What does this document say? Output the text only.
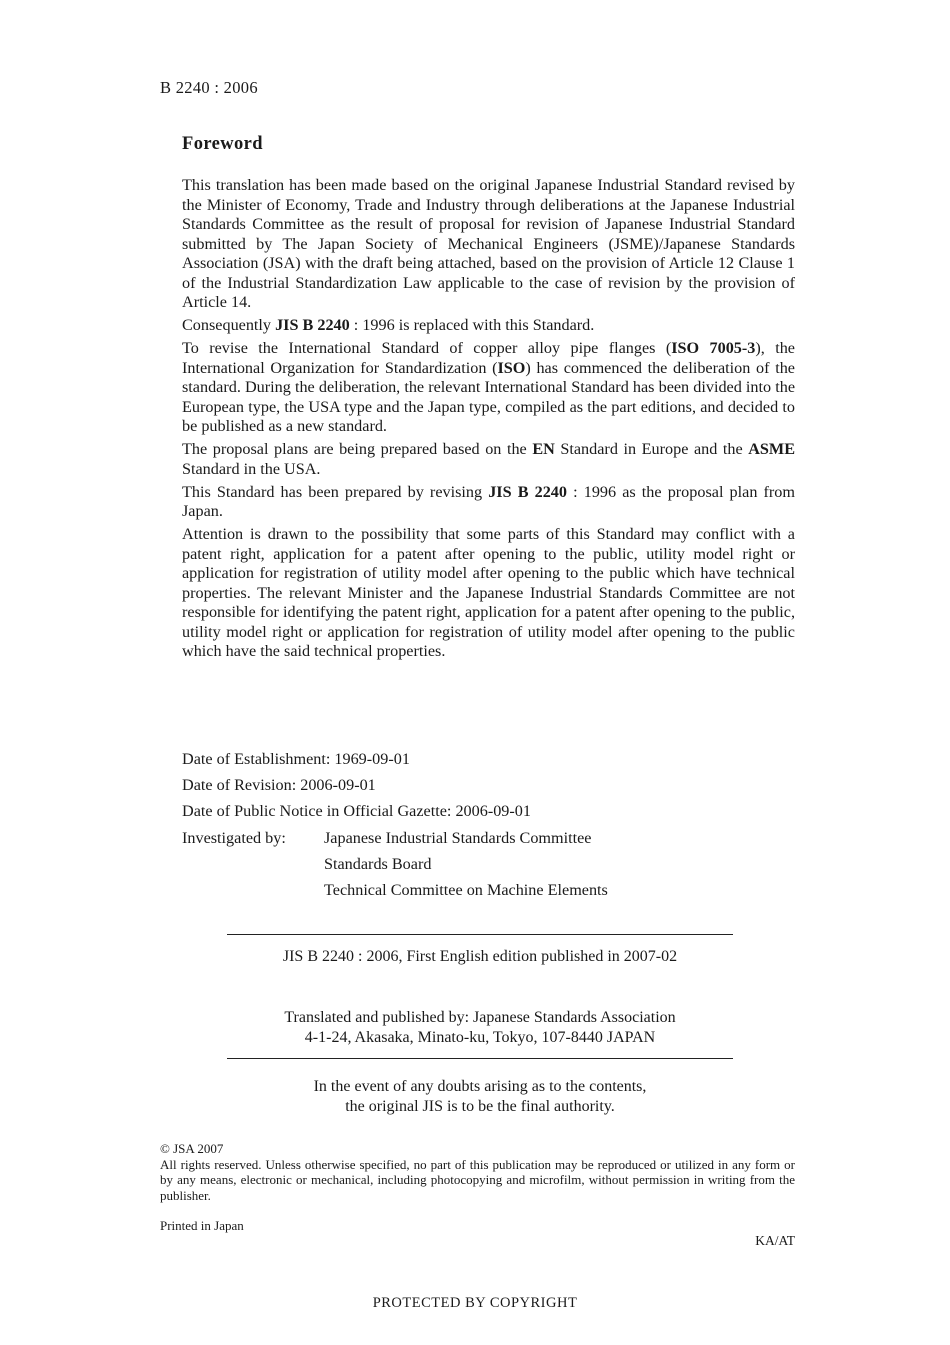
B 2240 : 2006
Foreword

This translation has been made based on the original Japanese Industrial Standard revised by the Minister of Economy, Trade and Industry through deliberations at the Japanese Industrial Standards Committee as the result of proposal for revision of Japanese Industrial Standard submitted by The Japan Society of Mechanical Engineers (JSME)/Japanese Standards Association (JSA) with the draft being attached, based on the provision of Article 12 Clause 1 of the Industrial Standardization Law applicable to the case of revision by the provision of Article 14.

Consequently JIS B 2240 : 1996 is replaced with this Standard.

To revise the International Standard of copper alloy pipe flanges (ISO 7005-3), the International Organization for Standardization (ISO) has commenced the deliberation of the standard. During the deliberation, the relevant International Standard has been divided into the European type, the USA type and the Japan type, compiled as the part editions, and decided to be published as a new standard.

The proposal plans are being prepared based on the EN Standard in Europe and the ASME Standard in the USA.

This Standard has been prepared by revising JIS B 2240 : 1996 as the proposal plan from Japan.

Attention is drawn to the possibility that some parts of this Standard may conflict with a patent right, application for a patent after opening to the public, utility model right or application for registration of utility model after opening to the public which have technical properties. The relevant Minister and the Japanese Industrial Standards Committee are not responsible for identifying the patent right, application for a patent after opening to the public, utility model right or application for registration of utility model after opening to the public which have the said technical properties.

Date of Establishment: 1969-09-01
Date of Revision: 2006-09-01
Date of Public Notice in Official Gazette: 2006-09-01
Investigated by:	Japanese Industrial Standards Committee
Standards Board
Technical Committee on Machine Elements
JIS B 2240 : 2006, First English edition published in 2007-02
Translated and published by: Japanese Standards Association
4-1-24, Akasaka, Minato-ku, Tokyo, 107-8440 JAPAN
In the event of any doubts arising as to the contents,
the original JIS is to be the final authority.

© JSA 2007

All rights reserved. Unless otherwise specified, no part of this publication may be reproduced or utilized in any form or by any means, electronic or mechanical, including photocopying and microfilm, without permission in writing from the publisher.

Printed in Japan
KA/AT
PROTECTED BY COPYRIGHT
